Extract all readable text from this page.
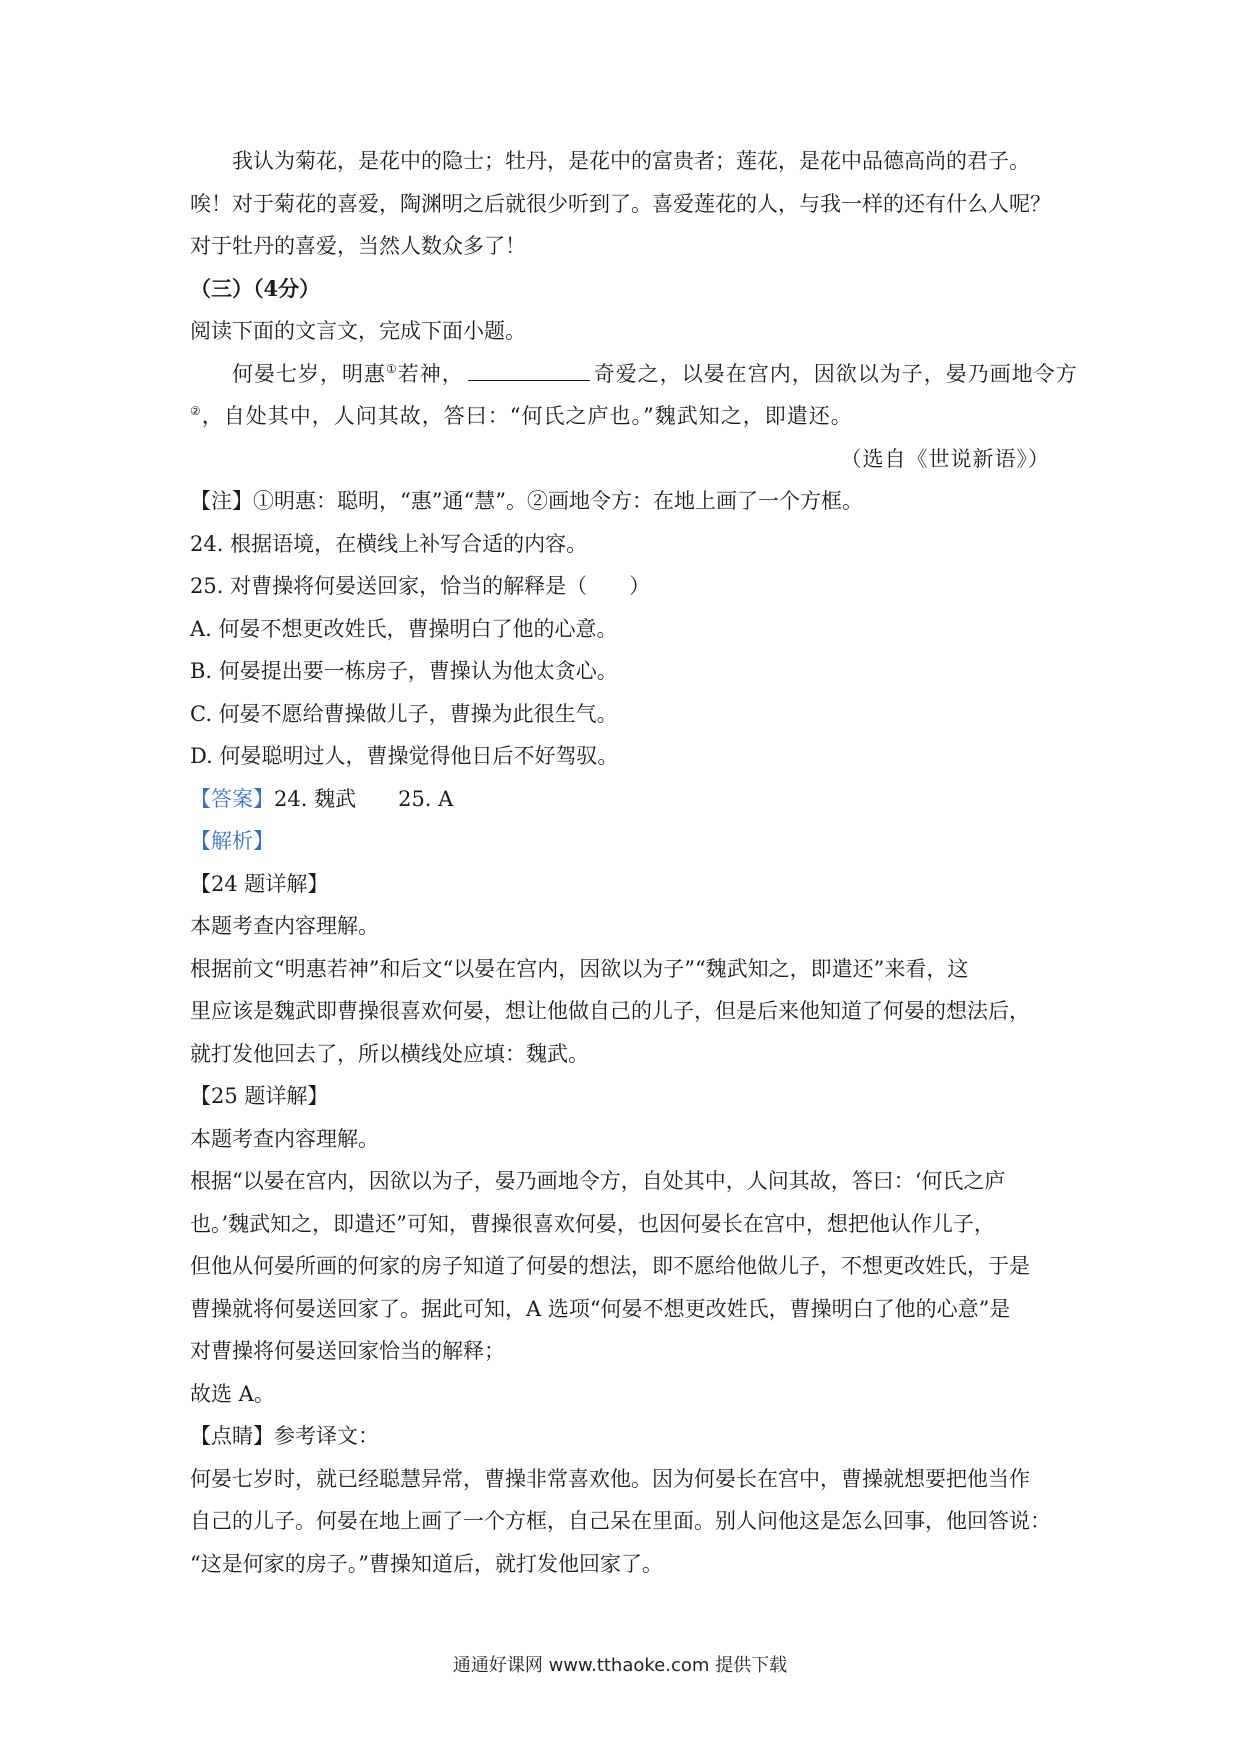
我认为菊花，是花中的隐士；牡丹，是花中的富贵者；莲花，是花中品德高尚的君子。
唉！对于菊花的喜爱，陶渊明之后就很少听到了。喜爱莲花的人，与我一样的还有什么人呢？
对于牡丹的喜爱，当然人数众多了！
（三）（4分）
阅读下面的文言文，完成下面小题。
何晏七岁，明惠①若神，	奇爱之，以晏在宫内，因欲以为子，晏乃画地令方
②，自处其中，人问其故，答曰：“何氏之庐也。”魏武知之，即遣还。
（选自《世说新语》）
【注】①明惠：聪明，“惠”通“慧”。②画地令方：在地上画了一个方框。
24. 根据语境，在横线上补写合适的内容。
25. 对曹操将何晏送回家，恰当的解释是（　　）
A. 何晏不想更改姓氏，曹操明白了他的心意。
B. 何晏提出要一栋房子，曹操认为他太贪心。
C. 何晏不愿给曹操做儿子，曹操为此很生气。
D. 何晏聪明过人，曹操觉得他日后不好驾驭。
【答案】24. 魏武 25. A
【解析】
【24 题详解】
本题考查内容理解。
根据前文“明惠若神”和后文“以晏在宫内，因欲以为子”“魏武知之，即遣还”来看，这
里应该是魏武即曹操很喜欢何晏，想让他做自己的儿子，但是后来他知道了何晏的想法后，
就打发他回去了，所以横线处应填：魏武。
【25 题详解】
本题考查内容理解。
根据“以晏在宫内，因欲以为子，晏乃画地令方，自处其中，人问其故，答曰：‘何氏之庐
也。’魏武知之，即遣还”可知，曹操很喜欢何晏，也因何晏长在宫中，想把他认作儿子，
但他从何晏所画的何家的房子知道了何晏的想法，即不愿给他做儿子，不想更改姓氏，于是
曹操就将何晏送回家了。据此可知，A 选项“何晏不想更改姓氏，曹操明白了他的心意”是
对曹操将何晏送回家恰当的解释；
故选 A。
【点睛】参考译文：
何晏七岁时，就已经聪慧异常，曹操非常喜欢他。因为何晏长在宫中，曹操就想要把他当作
自己的儿子。何晏在地上画了一个方框，自己呆在里面。别人问他这是怎么回事，他回答说：
“这是何家的房子。”曹操知道后，就打发他回家了。
通通好课网 www.tthaoke.com 提供下载
